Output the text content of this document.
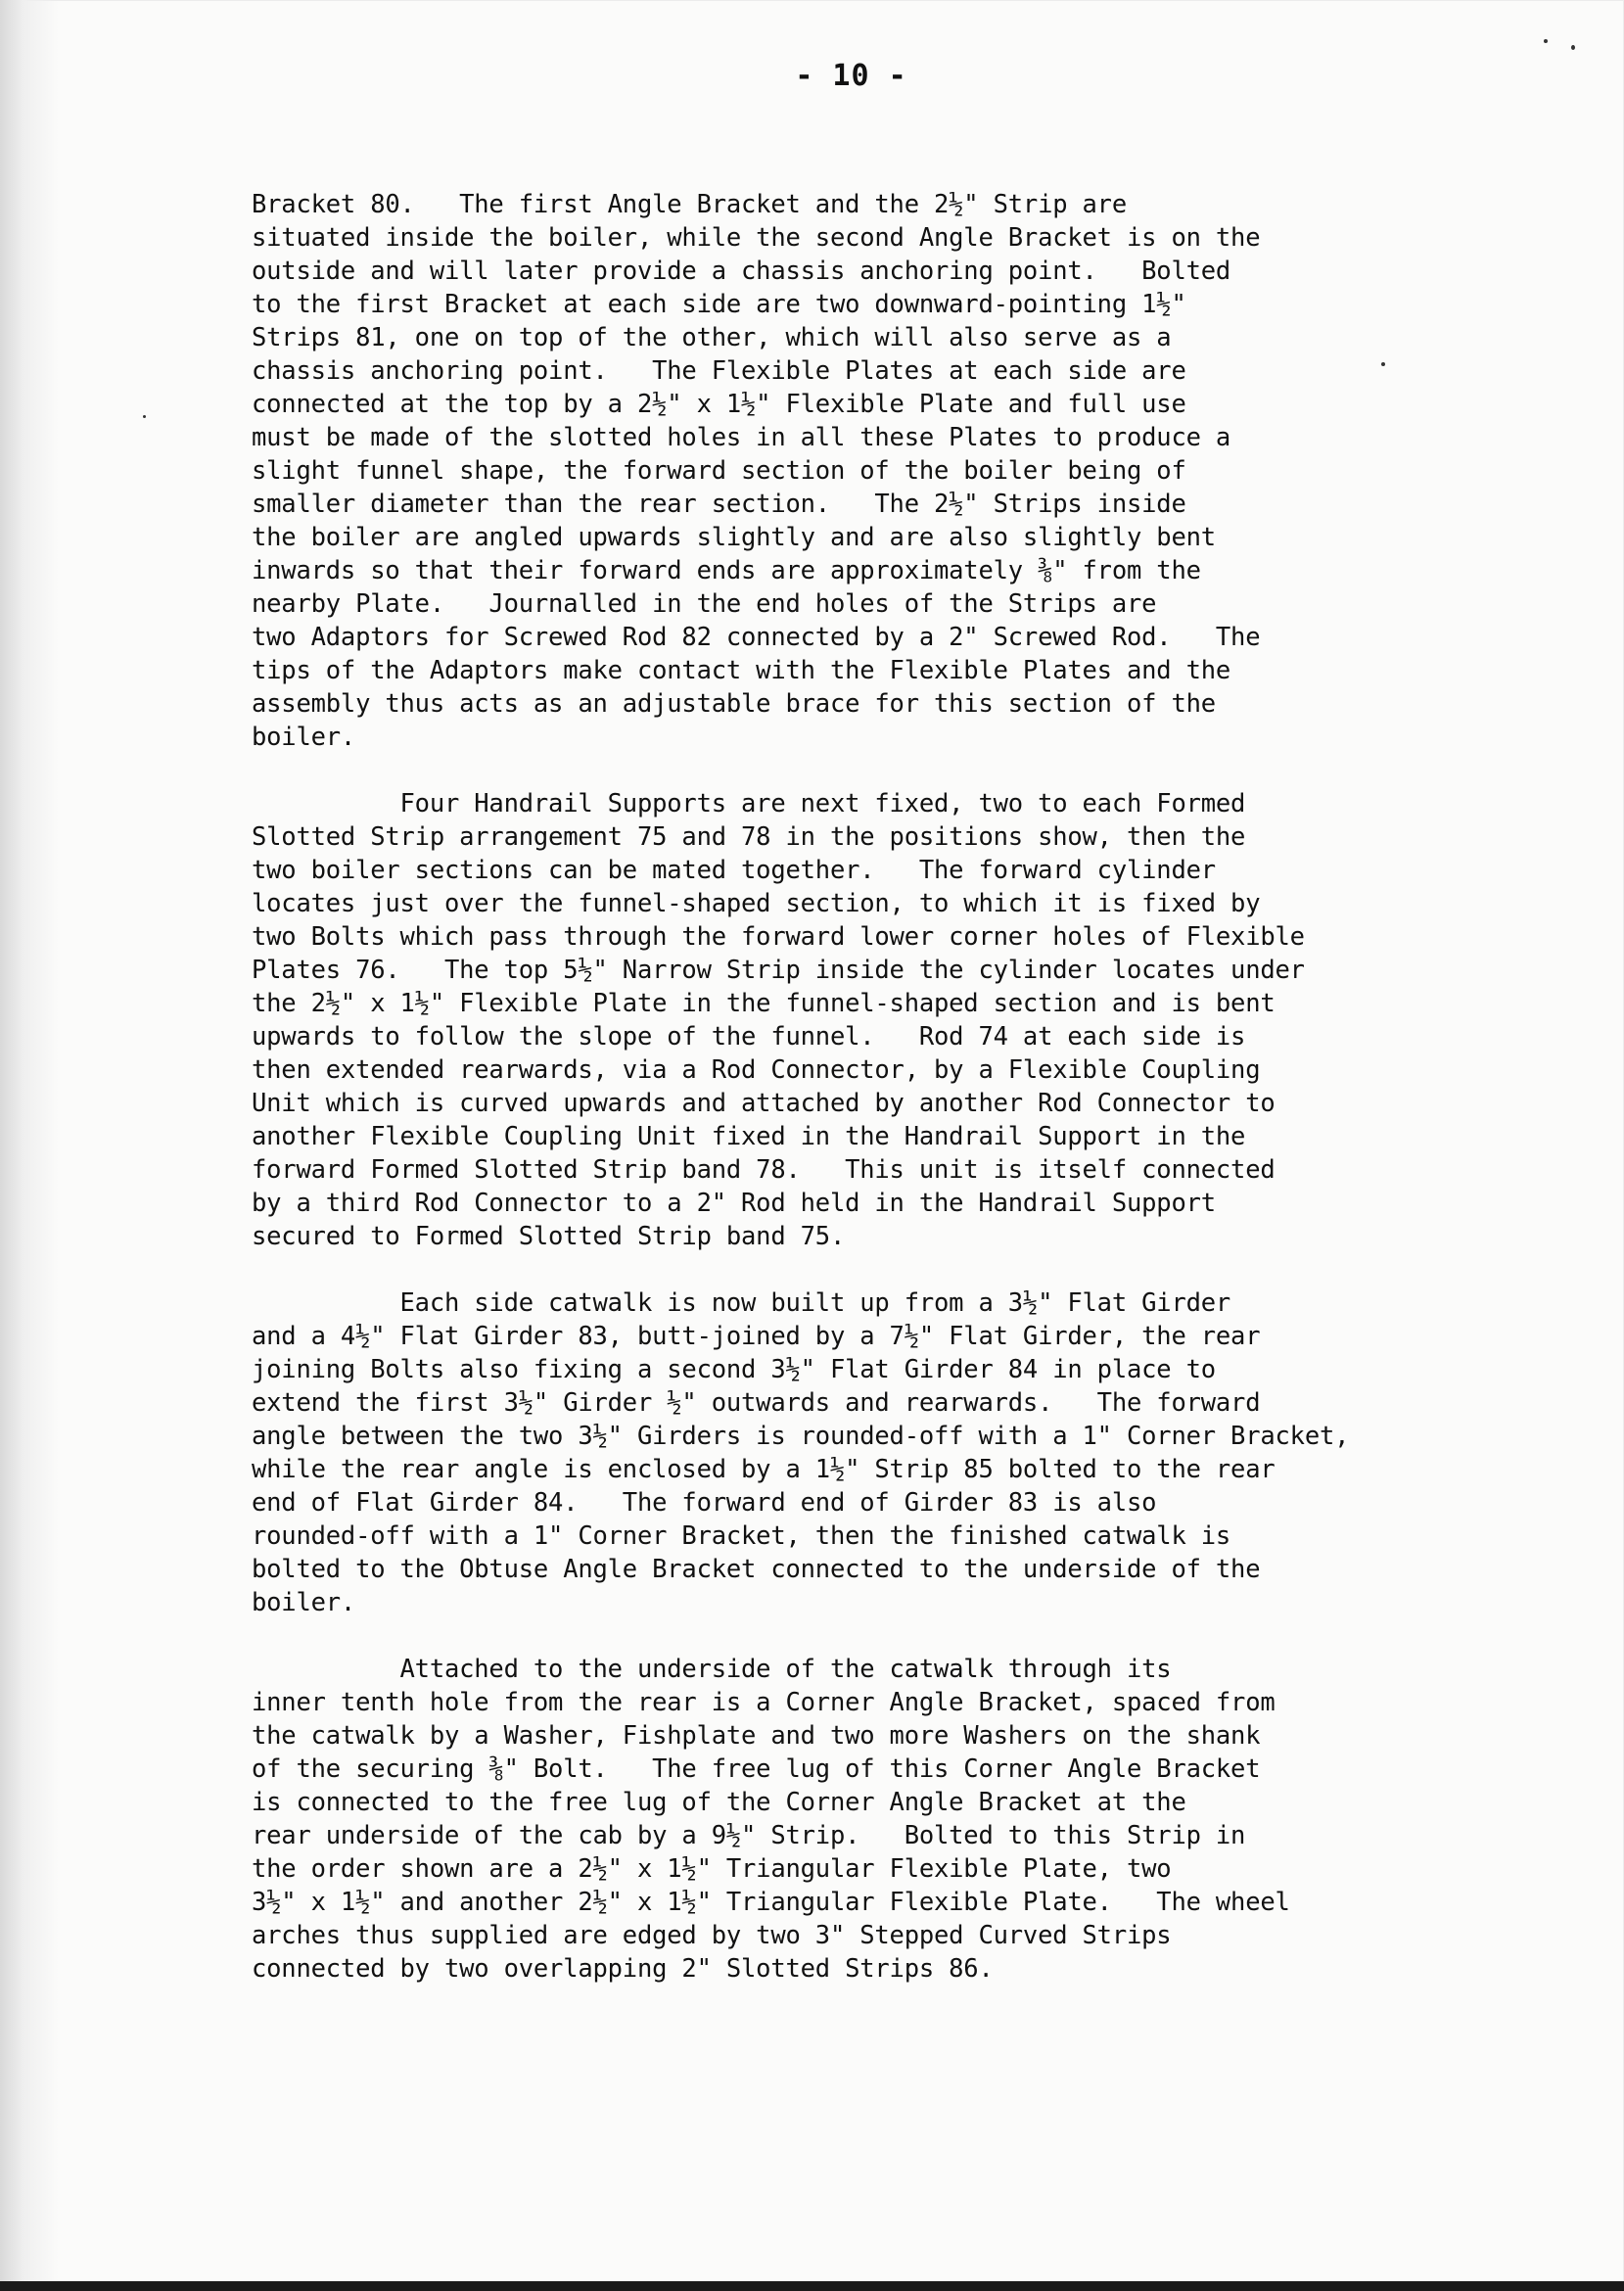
- 10 -
Bracket 80.   The first Angle Bracket and the 2½" Strip are
situated inside the boiler, while the second Angle Bracket is on the
outside and will later provide a chassis anchoring point.   Bolted
to the first Bracket at each side are two downward-pointing 1½"
Strips 81, one on top of the other, which will also serve as a
chassis anchoring point.   The Flexible Plates at each side are
connected at the top by a 2½" x 1½" Flexible Plate and full use
must be made of the slotted holes in all these Plates to produce a
slight funnel shape, the forward section of the boiler being of
smaller diameter than the rear section.   The 2½" Strips inside
the boiler are angled upwards slightly and are also slightly bent
inwards so that their forward ends are approximately ⅜" from the
nearby Plate.   Journalled in the end holes of the Strips are
two Adaptors for Screwed Rod 82 connected by a 2" Screwed Rod.   The
tips of the Adaptors make contact with the Flexible Plates and the
assembly thus acts as an adjustable brace for this section of the
boiler.
Four Handrail Supports are next fixed, two to each Formed
Slotted Strip arrangement 75 and 78 in the positions show, then the
two boiler sections can be mated together.   The forward cylinder
locates just over the funnel-shaped section, to which it is fixed by
two Bolts which pass through the forward lower corner holes of Flexible
Plates 76.   The top 5½" Narrow Strip inside the cylinder locates under
the 2½" x 1½" Flexible Plate in the funnel-shaped section and is bent
upwards to follow the slope of the funnel.   Rod 74 at each side is
then extended rearwards, via a Rod Connector, by a Flexible Coupling
Unit which is curved upwards and attached by another Rod Connector to
another Flexible Coupling Unit fixed in the Handrail Support in the
forward Formed Slotted Strip band 78.   This unit is itself connected
by a third Rod Connector to a 2" Rod held in the Handrail Support
secured to Formed Slotted Strip band 75.
Each side catwalk is now built up from a 3½" Flat Girder
and a 4½" Flat Girder 83, butt-joined by a 7½" Flat Girder, the rear
joining Bolts also fixing a second 3½" Flat Girder 84 in place to
extend the first 3½" Girder ½" outwards and rearwards.   The forward
angle between the two 3½" Girders is rounded-off with a 1" Corner Bracket,
while the rear angle is enclosed by a 1½" Strip 85 bolted to the rear
end of Flat Girder 84.   The forward end of Girder 83 is also
rounded-off with a 1" Corner Bracket, then the finished catwalk is
bolted to the Obtuse Angle Bracket connected to the underside of the
boiler.
Attached to the underside of the catwalk through its
inner tenth hole from the rear is a Corner Angle Bracket, spaced from
the catwalk by a Washer, Fishplate and two more Washers on the shank
of the securing ⅜" Bolt.   The free lug of this Corner Angle Bracket
is connected to the free lug of the Corner Angle Bracket at the
rear underside of the cab by a 9½" Strip.   Bolted to this Strip in
the order shown are a 2½" x 1½" Triangular Flexible Plate, two
3½" x 1½" and another 2½" x 1½" Triangular Flexible Plate.   The wheel
arches thus supplied are edged by two 3" Stepped Curved Strips
connected by two overlapping 2" Slotted Strips 86.
